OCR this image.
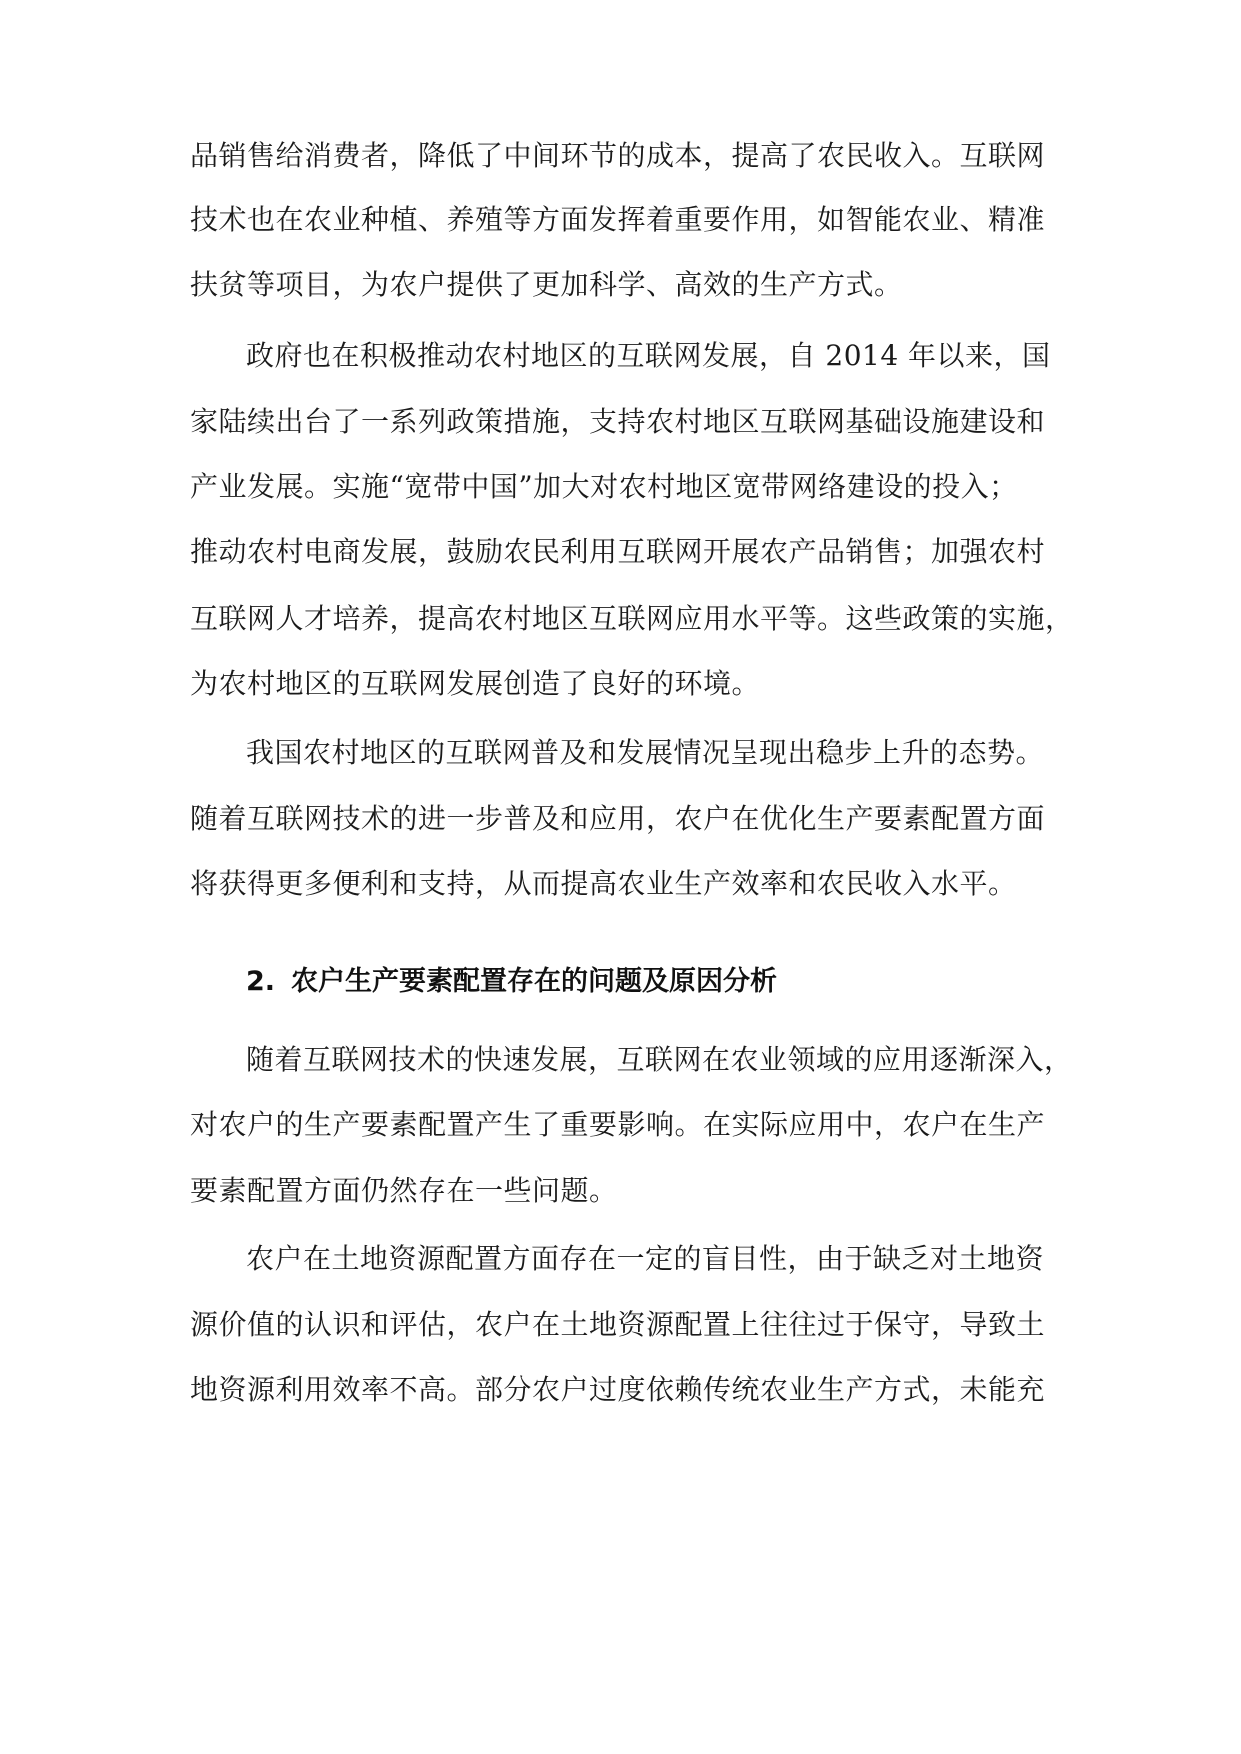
品销售给消费者，降低了中间环节的成本，提高了农民收入。互联网
技术也在农业种植、养殖等方面发挥着重要作用，如智能农业、精准
扶贫等项目，为农户提供了更加科学、高效的生产方式。
政府也在积极推动农村地区的互联网发展，自 2014 年以来，国
家陆续出台了一系列政策措施，支持农村地区互联网基础设施建设和
产业发展。实施“宽带中国”加大对农村地区宽带网络建设的投入；
推动农村电商发展，鼓励农民利用互联网开展农产品销售；加强农村
互联网人才培养，提高农村地区互联网应用水平等。这些政策的实施，
为农村地区的互联网发展创造了良好的环境。
我国农村地区的互联网普及和发展情况呈现出稳步上升的态势。
随着互联网技术的进一步普及和应用，农户在优化生产要素配置方面
将获得更多便利和支持，从而提高农业生产效率和农民收入水平。
2. 农户生产要素配置存在的问题及原因分析
随着互联网技术的快速发展，互联网在农业领域的应用逐渐深入，
对农户的生产要素配置产生了重要影响。在实际应用中，农户在生产
要素配置方面仍然存在一些问题。
农户在土地资源配置方面存在一定的盲目性，由于缺乏对土地资
源价值的认识和评估，农户在土地资源配置上往往过于保守，导致土
地资源利用效率不高。部分农户过度依赖传统农业生产方式，未能充
